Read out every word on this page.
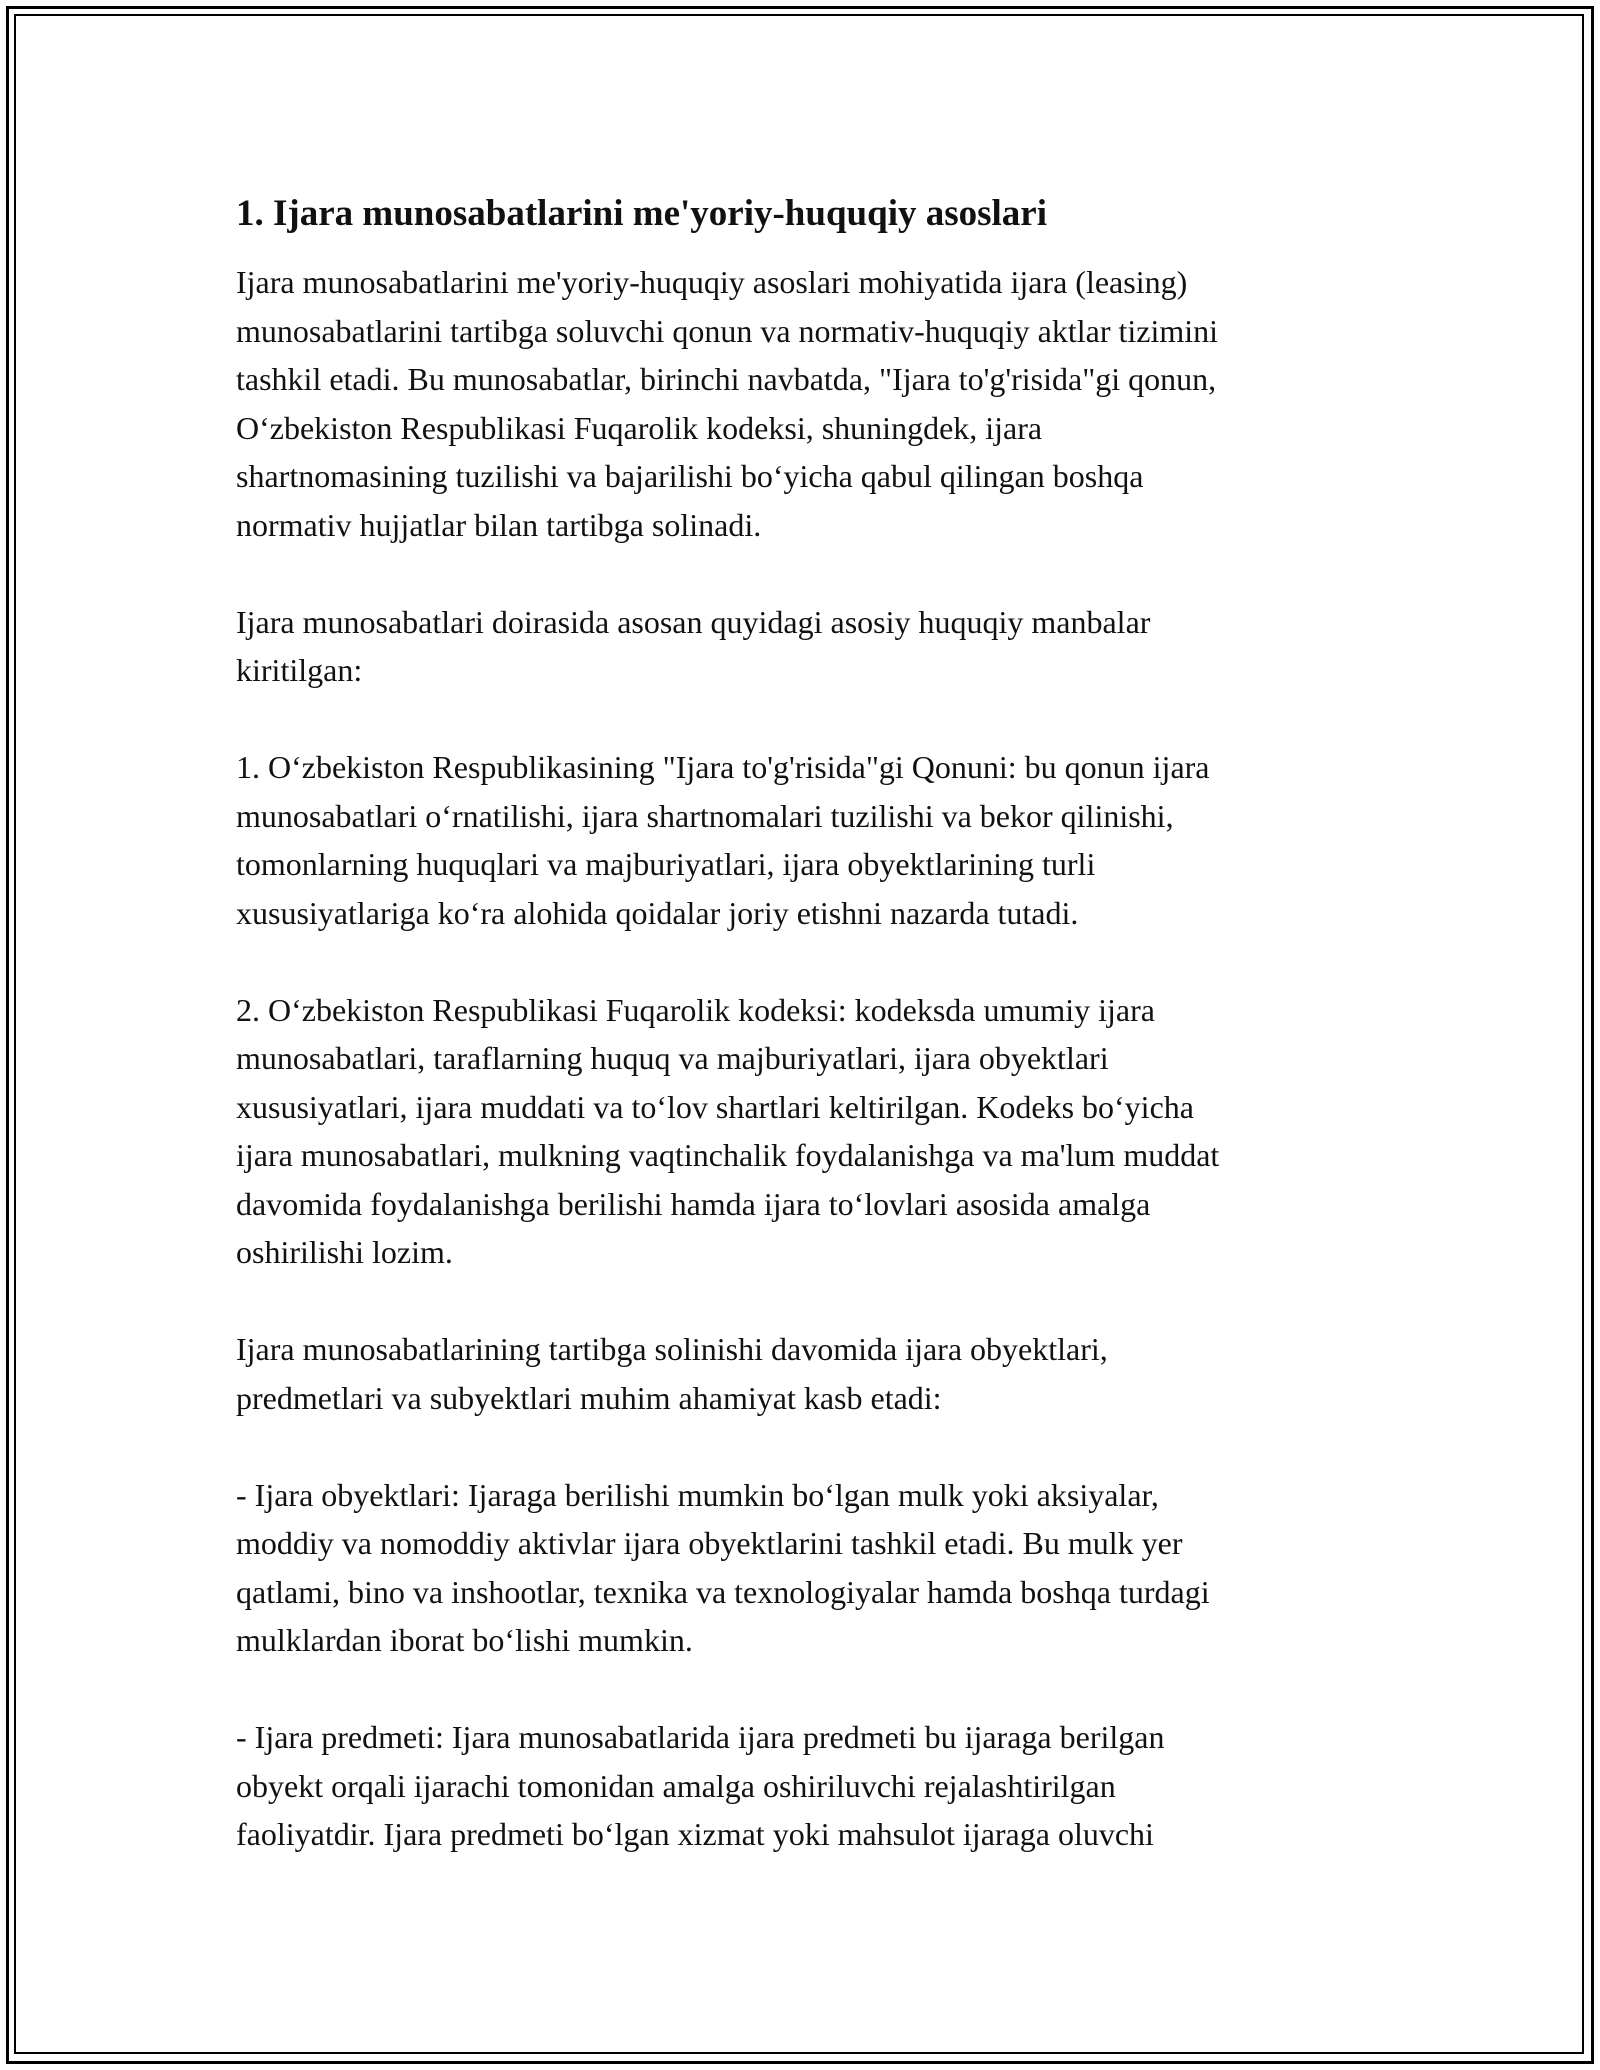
1. Ijara munosabatlarini me'yoriy-huquqiy asoslari
Ijara munosabatlarini me'yoriy-huquqiy asoslari mohiyatida ijara (leasing)
munosabatlarini tartibga soluvchi qonun va normativ-huquqiy aktlar tizimini
tashkil etadi. Bu munosabatlar, birinchi navbatda, "Ijara to'g'risida"gi qonun,
O‘zbekiston Respublikasi Fuqarolik kodeksi, shuningdek, ijara
shartnomasining tuzilishi va bajarilishi bo‘yicha qabul qilingan boshqa
normativ hujjatlar bilan tartibga solinadi.
Ijara munosabatlari doirasida asosan quyidagi asosiy huquqiy manbalar
kiritilgan:
1. O‘zbekiston Respublikasining "Ijara to'g'risida"gi Qonuni: bu qonun ijara
munosabatlari o‘rnatilishi, ijara shartnomalari tuzilishi va bekor qilinishi,
tomonlarning huquqlari va majburiyatlari, ijara obyektlarining turli
xususiyatlariga ko‘ra alohida qoidalar joriy etishni nazarda tutadi.
2. O‘zbekiston Respublikasi Fuqarolik kodeksi: kodeksda umumiy ijara
munosabatlari, taraflarning huquq va majburiyatlari, ijara obyektlari
xususiyatlari, ijara muddati va to‘lov shartlari keltirilgan. Kodeks bo‘yicha
ijara munosabatlari, mulkning vaqtinchalik foydalanishga va ma'lum muddat
davomida foydalanishga berilishi hamda ijara to‘lovlari asosida amalga
oshirilishi lozim.
Ijara munosabatlarining tartibga solinishi davomida ijara obyektlari,
predmetlari va subyektlari muhim ahamiyat kasb etadi:
- Ijara obyektlari: Ijaraga berilishi mumkin bo‘lgan mulk yoki aksiyalar,
moddiy va nomoddiy aktivlar ijara obyektlarini tashkil etadi. Bu mulk yer
qatlami, bino va inshootlar, texnika va texnologiyalar hamda boshqa turdagi
mulklardan iborat bo‘lishi mumkin.
- Ijara predmeti: Ijara munosabatlarida ijara predmeti bu ijaraga berilgan
obyekt orqali ijarachi tomonidan amalga oshiriluvchi rejalashtirilgan
faoliyatdir. Ijara predmeti bo‘lgan xizmat yoki mahsulot ijaraga oluvchi
